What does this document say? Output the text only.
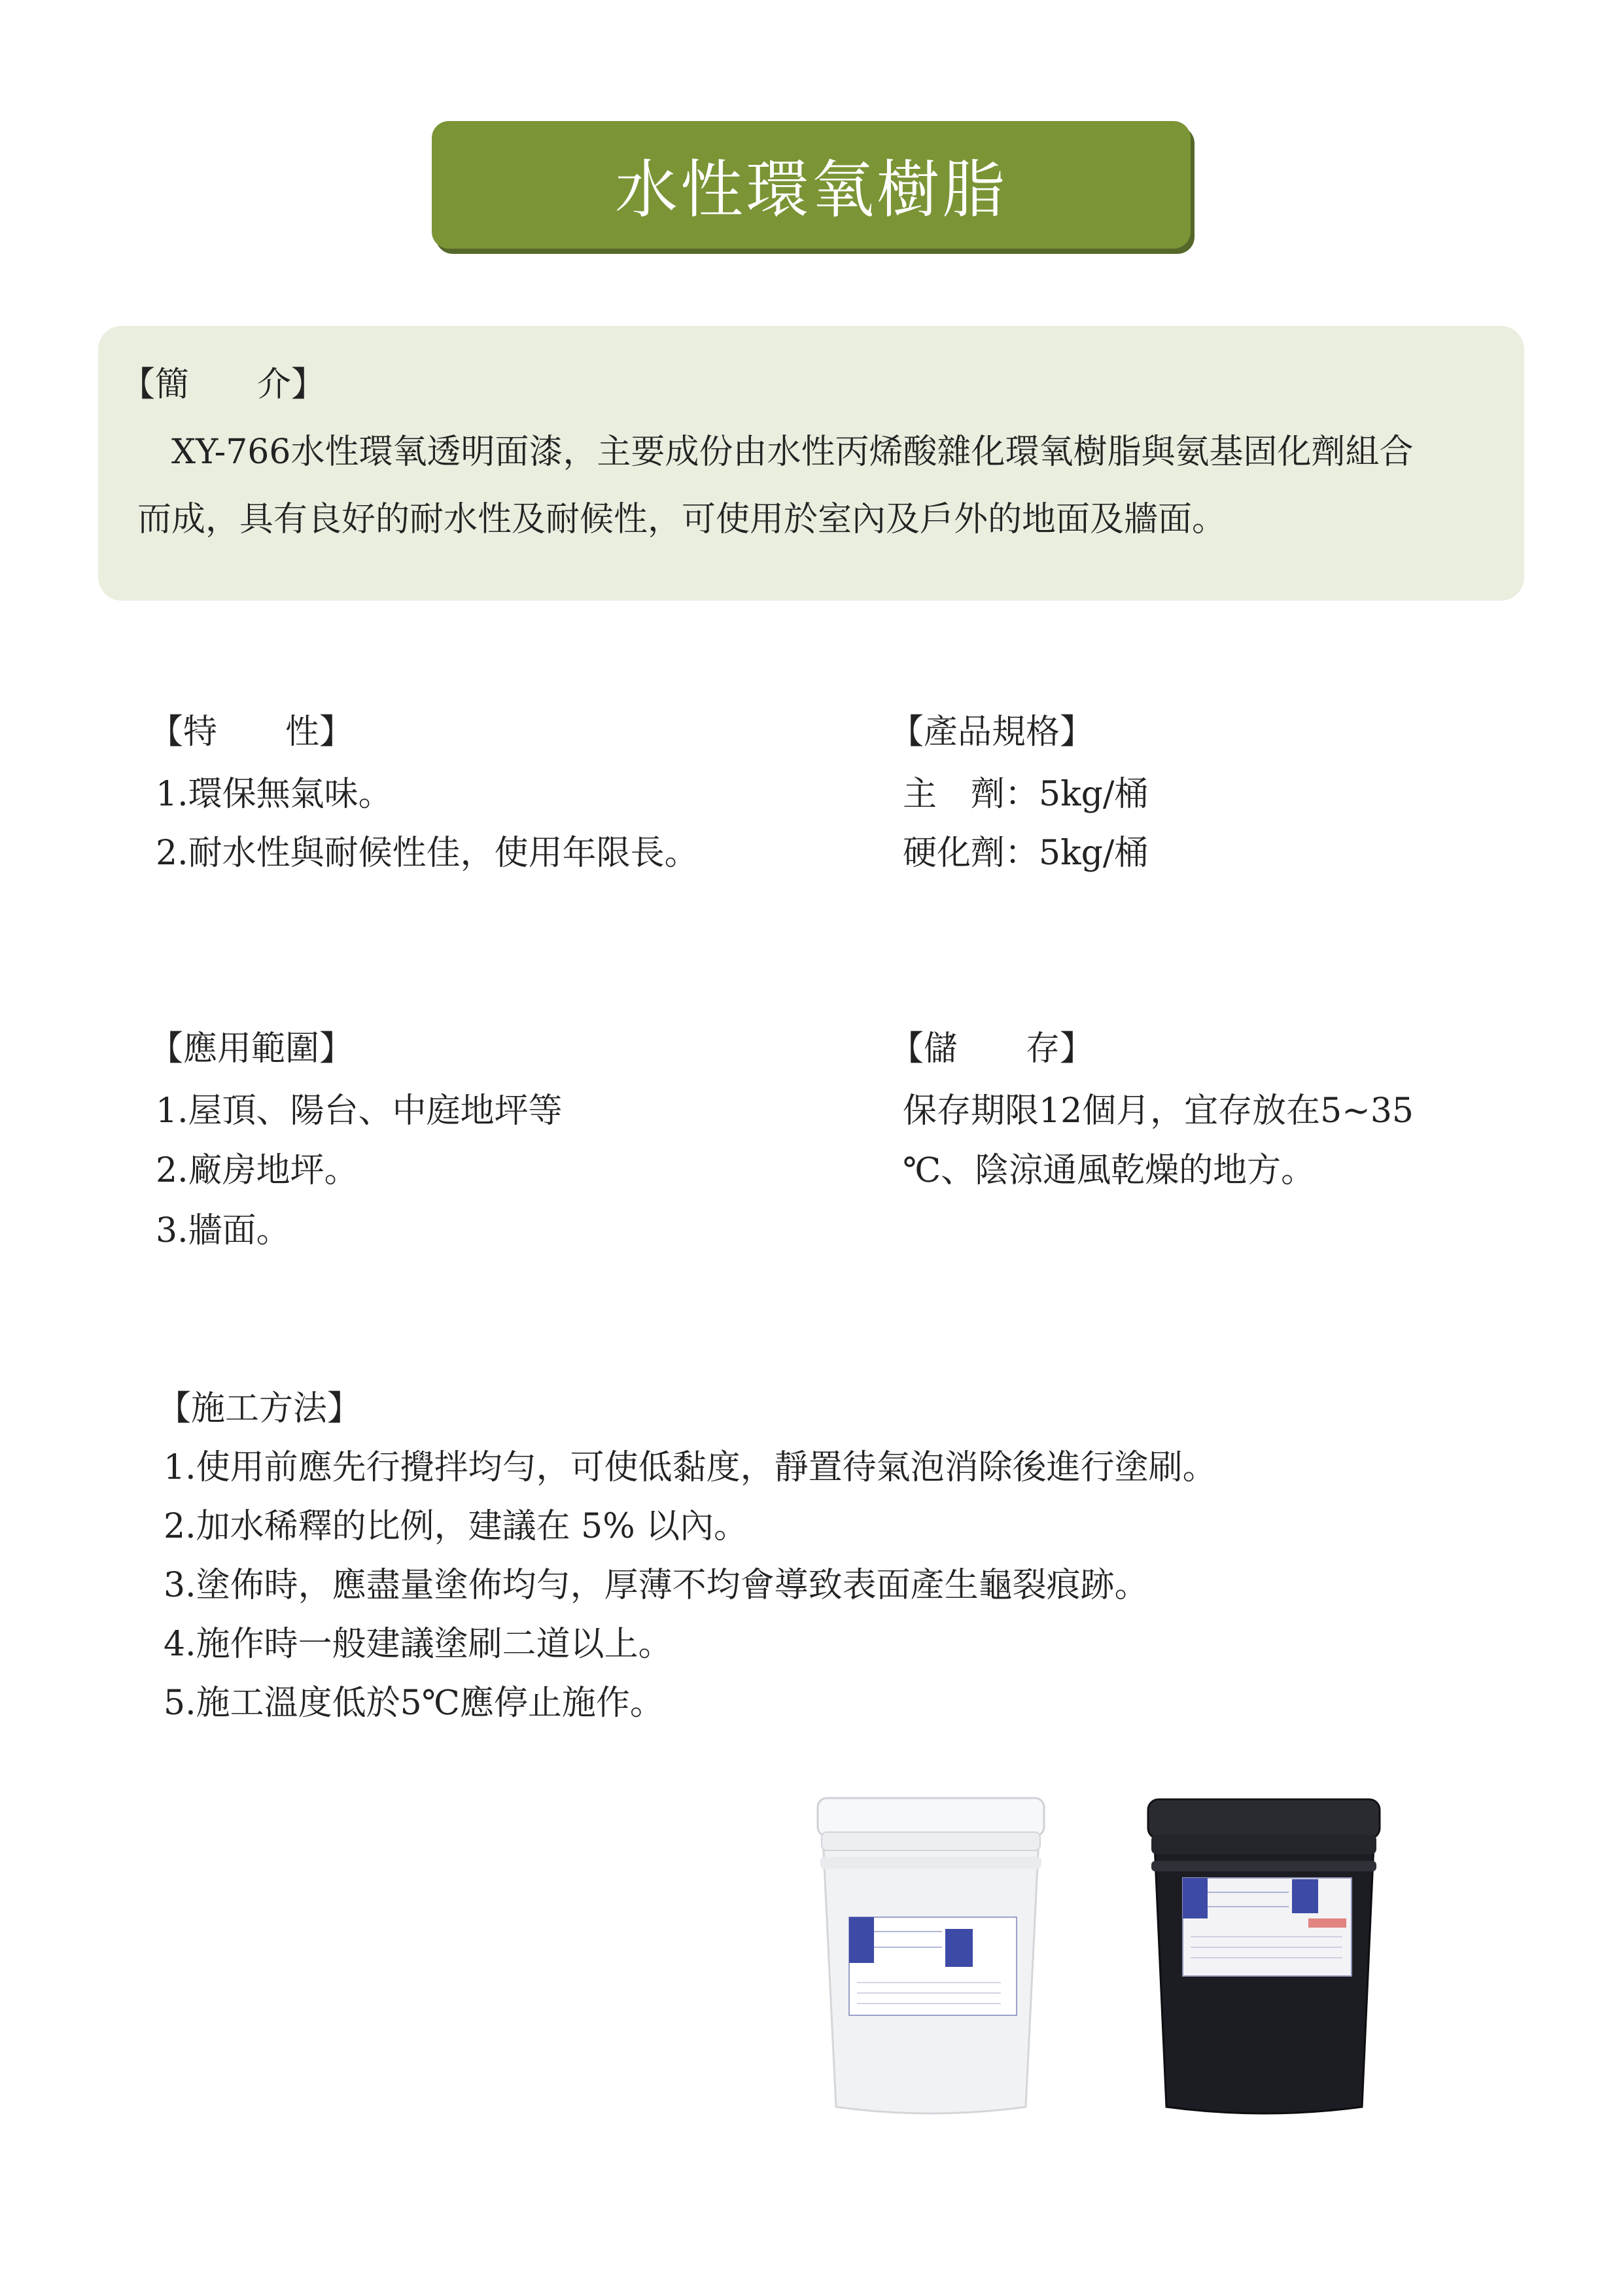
水性環氧樹脂
【簡　　介】
XY-766水性環氧透明面漆，主要成份由水性丙烯酸雜化環氧樹脂與氨基固化劑組合
而成，具有良好的耐水性及耐候性，可使用於室內及戶外的地面及牆面。
【特　　性】
1.環保無氣味。
2.耐水性與耐候性佳，使用年限長。
【產品規格】
主　劑：5kg/桶
硬化劑：5kg/桶
【應用範圍】
1.屋頂、陽台、中庭地坪等
2.廠房地坪。
3.牆面。
【儲　　存】
保存期限12個月，宜存放在5~35
℃、陰涼通風乾燥的地方。
【施工方法】
1.使用前應先行攪拌均勻，可使低黏度，靜置待氣泡消除後進行塗刷。
2.加水稀釋的比例，建議在 5% 以內。
3.塗佈時，應盡量塗佈均勻，厚薄不均會導致表面產生龜裂痕跡。
4.施作時一般建議塗刷二道以上。
5.施工溫度低於5℃應停止施作。
